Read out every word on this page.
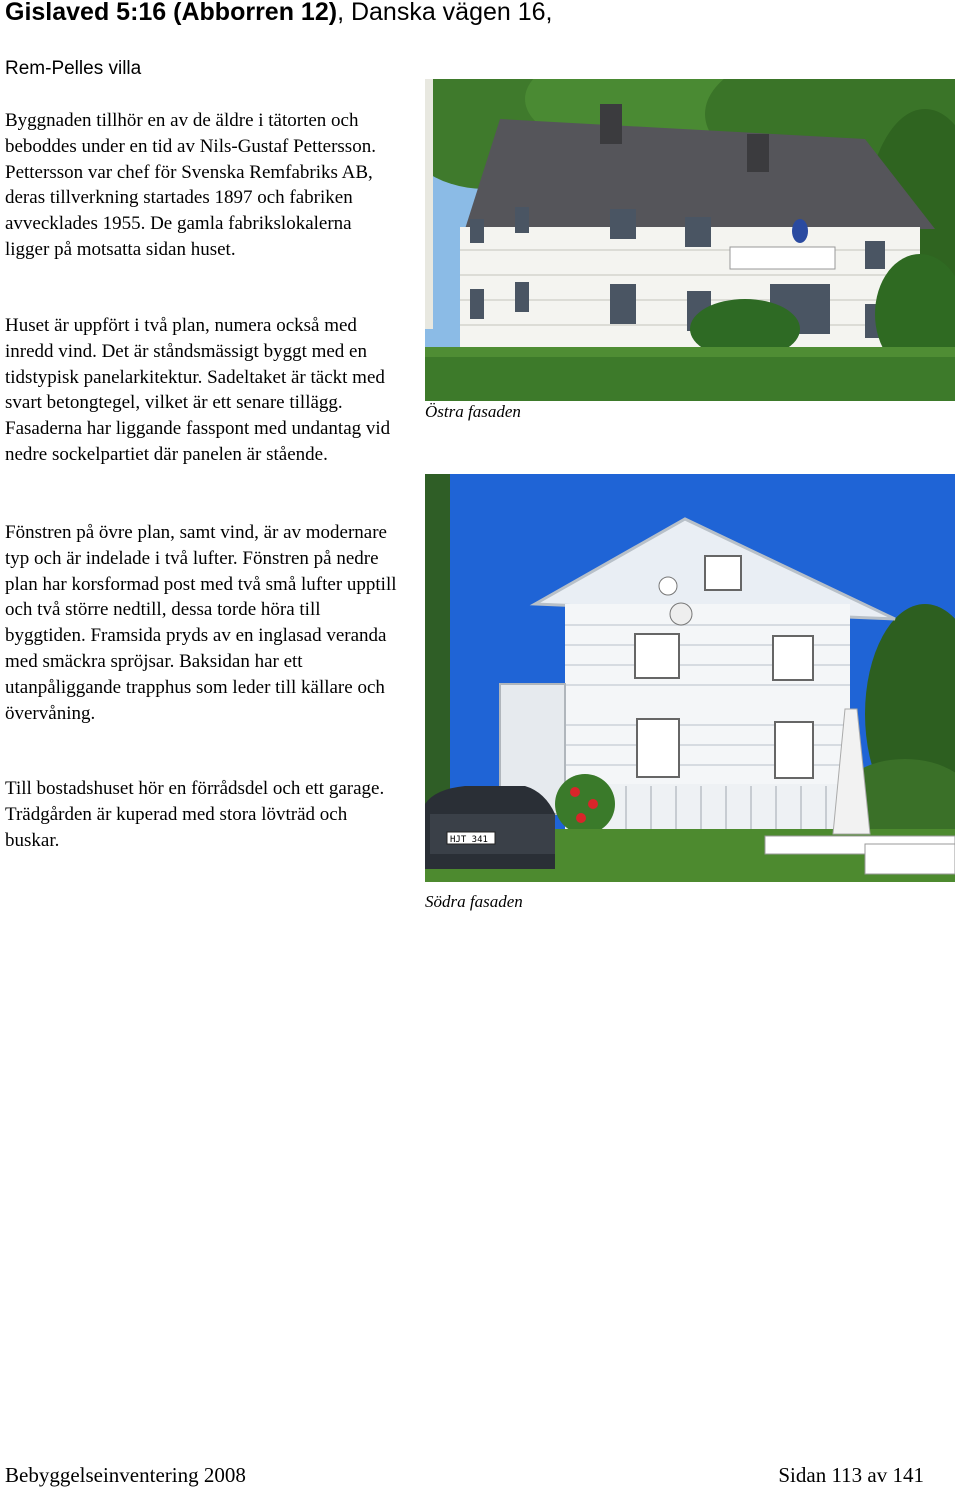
Gislaved 5:16 (Abborren 12), Danska vägen 16,

Rem-Pelles villa

Byggnaden tillhör en av de äldre i tätorten och beboddes under en tid av Nils-Gustaf Pettersson. Pettersson var chef för Svenska Remfabriks AB, deras tillverkning startades 1897 och fabriken avvecklades 1955. De gamla fabrikslokalerna ligger på motsatta sidan huset.

Huset är uppfört i två plan, numera också med inredd vind. Det är ståndsmässigt byggt med en tidstypisk panelarkitektur. Sadeltaket är täckt med svart betongtegel, vilket är ett senare tillägg. Fasaderna har liggande fasspont med undantag vid nedre sockelpartiet där panelen är stående.

Fönstren på övre plan, samt vind, är av modernare typ och är indelade i två lufter. Fönstren på nedre plan har korsformad post med två små lufter upptill och två större nedtill, dessa torde höra till byggtiden. Framsida pryds av en inglasad veranda med smäckra spröjsar. Baksidan har ett utanpåliggande trapphus som leder till källare och övervåning.

Till bostadshuset hör en förrådsdel och ett garage. Trädgården är kuperad med stora lövträd och buskar.

Östra fasaden

HJT 341

Södra fasaden

Bebyggelseinventering 2008	Sidan 113 av 141
